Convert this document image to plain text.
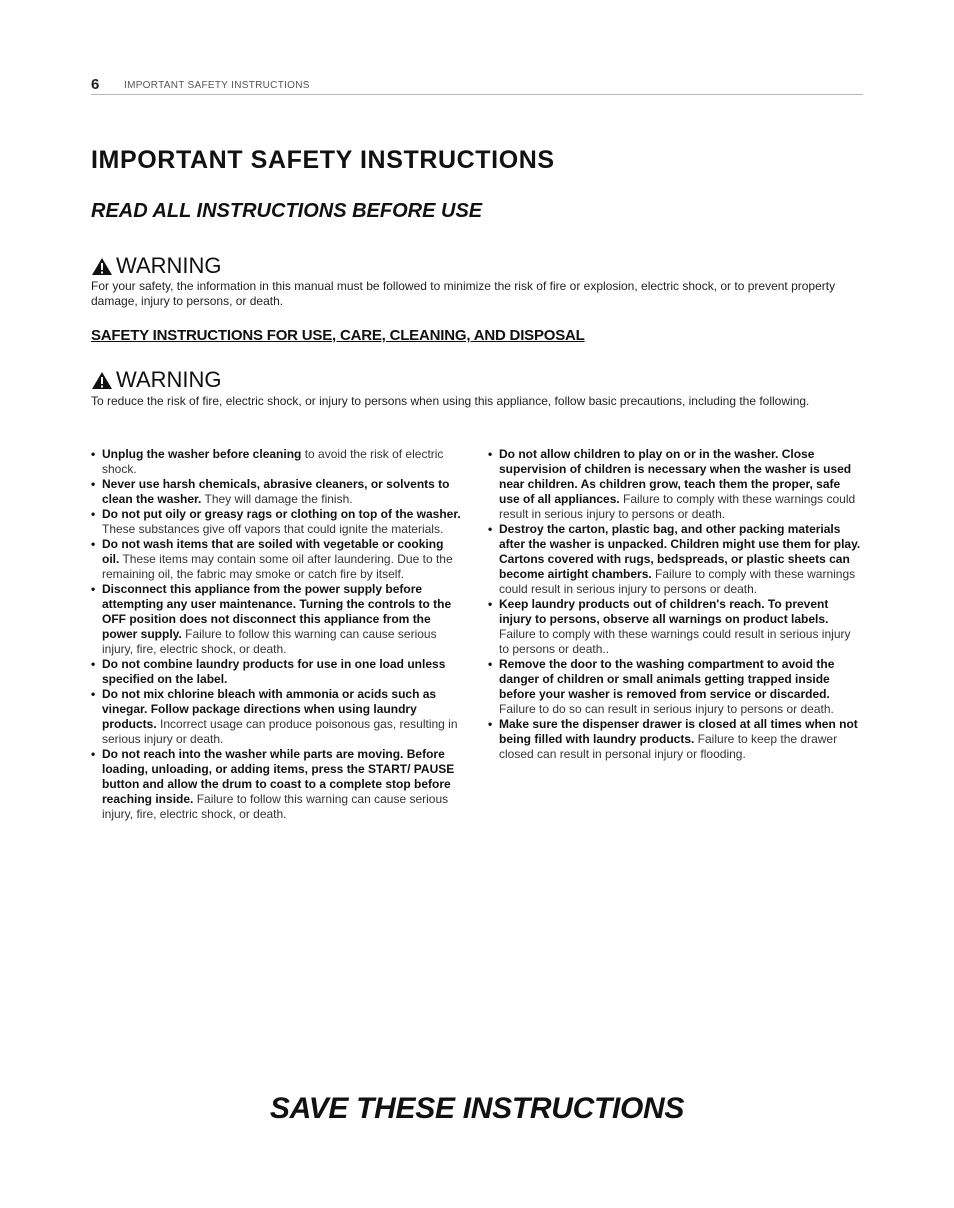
6 IMPORTANT SAFETY INSTRUCTIONS
IMPORTANT SAFETY INSTRUCTIONS
READ ALL INSTRUCTIONS BEFORE USE
WARNING

For your safety, the information in this manual must be followed to minimize the risk of fire or explosion, electric shock, or to prevent property damage, injury to persons, or death.

SAFETY INSTRUCTIONS FOR USE, CARE, CLEANING, AND DISPOSAL
WARNING

To reduce the risk of fire, electric shock, or injury to persons when using this appliance, follow basic precautions, including the following.

• Unplug the washer before cleaning to avoid the risk of electric shock.
• Never use harsh chemicals, abrasive cleaners, or solvents to clean the washer. They will damage the finish.
• Do not put oily or greasy rags or clothing on top of the washer. These substances give off vapors that could ignite the materials.
• Do not wash items that are soiled with vegetable or cooking oil. These items may contain some oil after laundering. Due to the remaining oil, the fabric may smoke or catch fire by itself.
• Disconnect this appliance from the power supply before attempting any user maintenance. Turning the controls to the OFF position does not disconnect this appliance from the power supply. Failure to follow this warning can cause serious injury, fire, electric shock, or death.
• Do not combine laundry products for use in one load unless specified on the label.
• Do not mix chlorine bleach with ammonia or acids such as vinegar. Follow package directions when using laundry products. Incorrect usage can produce poisonous gas, resulting in serious injury or death.
• Do not reach into the washer while parts are moving. Before loading, unloading, or adding items, press the START/ PAUSE button and allow the drum to coast to a complete stop before reaching inside. Failure to follow this warning can cause serious injury, fire, electric shock, or death.
• Do not allow children to play on or in the washer. Close supervision of children is necessary when the washer is used near children. As children grow, teach them the proper, safe use of all appliances. Failure to comply with these warnings could result in serious injury to persons or death.
• Destroy the carton, plastic bag, and other packing materials after the washer is unpacked. Children might use them for play. Cartons covered with rugs, bedspreads, or plastic sheets can become airtight chambers. Failure to comply with these warnings could result in serious injury to persons or death.
• Keep laundry products out of children's reach. To prevent injury to persons, observe all warnings on product labels. Failure to comply with these warnings could result in serious injury to persons or death..
• Remove the door to the washing compartment to avoid the danger of children or small animals getting trapped inside before your washer is removed from service or discarded. Failure to do so can result in serious injury to persons or death.
• Make sure the dispenser drawer is closed at all times when not being filled with laundry products. Failure to keep the drawer closed can result in personal injury or flooding.

SAVE THESE INSTRUCTIONS
